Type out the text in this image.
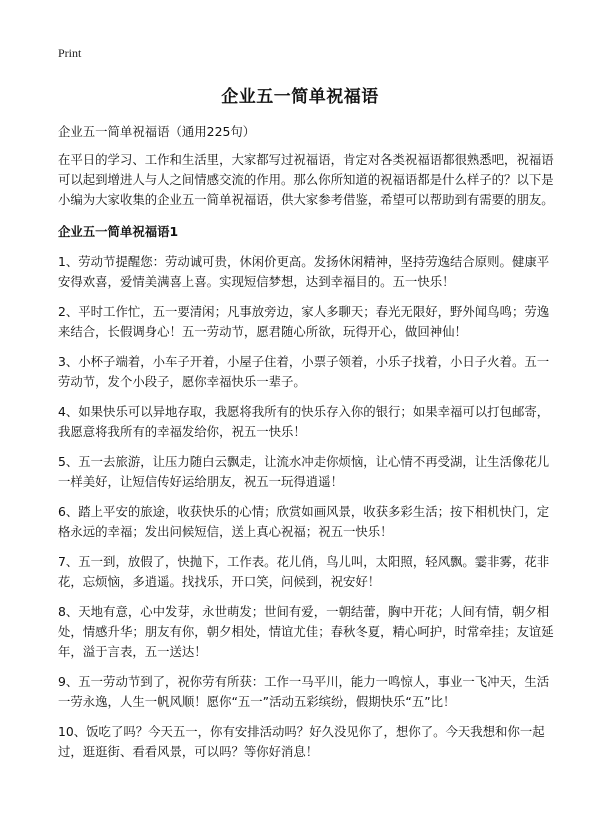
Print
企业五一简单祝福语

企业五一简单祝福语（通用225句）

在平日的学习、工作和生活里，大家都写过祝福语，肯定对各类祝福语都很熟悉吧，祝福语可以起到增进人与人之间情感交流的作用。那么你所知道的祝福语都是什么样子的？以下是小编为大家收集的企业五一简单祝福语，供大家参考借鉴，希望可以帮助到有需要的朋友。

企业五一简单祝福语1

1、劳动节提醒您：劳动诚可贵，休闲价更高。发扬休闲精神，坚持劳逸结合原则。健康平安得欢喜，爱情美满喜上喜。实现短信梦想，达到幸福目的。五一快乐！

2、平时工作忙，五一要清闲；凡事放旁边，家人多聊天；春光无限好，野外闻鸟鸣；劳逸来结合，长假调身心！五一劳动节，愿君随心所欲，玩得开心，做回神仙！

3、小杯子端着，小车子开着，小屋子住着，小票子领着，小乐子找着，小日子火着。五一劳动节，发个小段子，愿你幸福快乐一辈子。

4、如果快乐可以异地存取，我愿将我所有的快乐存入你的银行；如果幸福可以打包邮寄，我愿意将我所有的幸福发给你，祝五一快乐！

5、五一去旅游，让压力随白云飘走，让流水冲走你烦恼，让心情不再受湖，让生活像花儿一样美好，让短信传好运给朋友，祝五一玩得逍遥！

6、踏上平安的旅途，收获快乐的心情；欣赏如画风景，收获多彩生活；按下相机快门，定格永远的幸福；发出问候短信，送上真心祝福；祝五一快乐！

7、五一到，放假了，快抛下，工作表。花儿俏，鸟儿叫，太阳照，轻风飘。霎非雾，花非花，忘烦恼，多逍遥。找找乐，开口笑，问候到，祝安好！

8、天地有意，心中发芽，永世萌发；世间有爱，一朝结蕾，胸中开花；人间有情，朝夕相处，情感升华；朋友有你，朝夕相处，情谊尤佳；春秋冬夏，精心呵护，时常牵挂；友谊延年，溢于言表，五一送达！

9、五一劳动节到了，祝你劳有所获：工作一马平川，能力一鸣惊人，事业一飞冲天，生活一劳永逸，人生一帆风顺！愿你“五一”活动五彩缤纷，假期快乐“五”比！

10、饭吃了吗？今天五一，你有安排活动吗？好久没见你了，想你了。今天我想和你一起过，逛逛街、看看风景，可以吗？等你好消息！
